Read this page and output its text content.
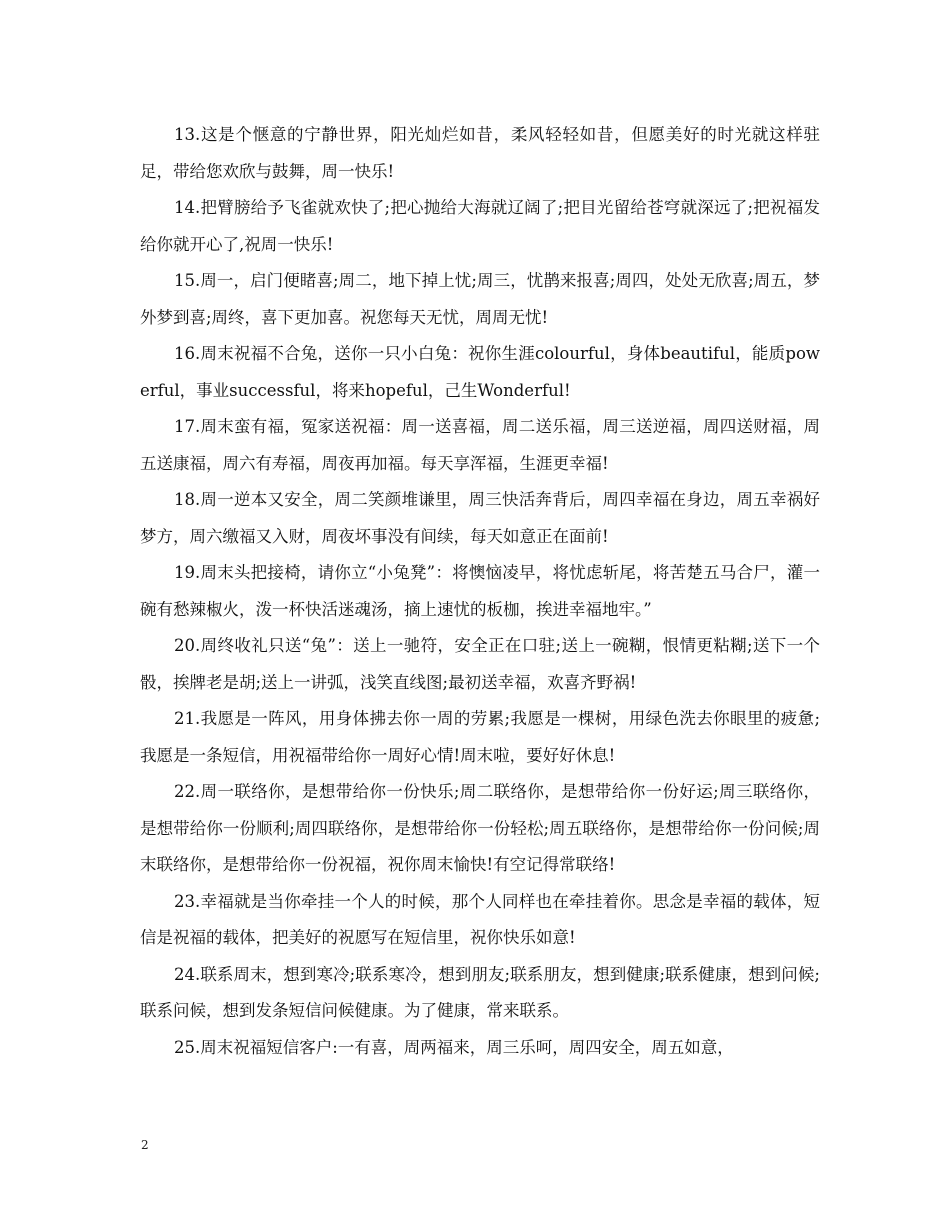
13.这是个惬意的宁静世界，阳光灿烂如昔，柔风轻轻如昔，但愿美好的时光就这样驻足，带给您欢欣与鼓舞，周一快乐!

14.把臂膀给予飞雀就欢快了;把心抛给大海就辽阔了;把目光留给苍穹就深远了;把祝福发给你就开心了,祝周一快乐!

15.周一，启门便睹喜;周二，地下掉上忧;周三，忧鹊来报喜;周四，处处无欣喜;周五，梦外梦到喜;周终，喜下更加喜。祝您每天无忧，周周无忧!

16.周末祝福不合兔，送你一只小白兔：祝你生涯colourful，身体beautiful，能质powerful，事业successful，将来hopeful，己生Wonderful!

17.周末蛮有福，冤家送祝福：周一送喜福，周二送乐福，周三送逆福，周四送财福，周五送康福，周六有寿福，周夜再加福。每天享浑福，生涯更幸福!

18.周一逆本又安全，周二笑颜堆谦里，周三快活奔背后，周四幸福在身边，周五幸祸好梦方，周六缴福又入财，周夜坏事没有间续，每天如意正在面前!

19.周末头把接椅，请你立“小兔凳”：将懊恼凌早，将忧虑斩尾，将苦楚五马合尸，灌一碗有愁辣椒火，泼一杯快活迷魂汤，摘上速忧的板枷，挨进幸福地牢。”

20.周终收礼只送“兔”：送上一驰符，安全正在口驻;送上一碗糊，恨情更粘糊;送下一个骰，挨牌老是胡;送上一讲弧，浅笑直线图;最初送幸福，欢喜齐野祸!

21.我愿是一阵风，用身体拂去你一周的劳累;我愿是一棵树，用绿色洗去你眼里的疲惫;我愿是一条短信，用祝福带给你一周好心情!周末啦，要好好休息!

22.周一联络你，是想带给你一份快乐;周二联络你，是想带给你一份好运;周三联络你，是想带给你一份顺利;周四联络你，是想带给你一份轻松;周五联络你，是想带给你一份问候;周末联络你，是想带给你一份祝福，祝你周末愉快!有空记得常联络!

23.幸福就是当你牵挂一个人的时候，那个人同样也在牵挂着你。思念是幸福的载体，短信是祝福的载体，把美好的祝愿写在短信里，祝你快乐如意!

24.联系周末，想到寒冷;联系寒冷，想到朋友;联系朋友，想到健康;联系健康，想到问候;联系问候，想到发条短信问候健康。为了健康，常来联系。

25.周末祝福短信客户:一有喜，周两福来，周三乐呵，周四安全，周五如意，

2
